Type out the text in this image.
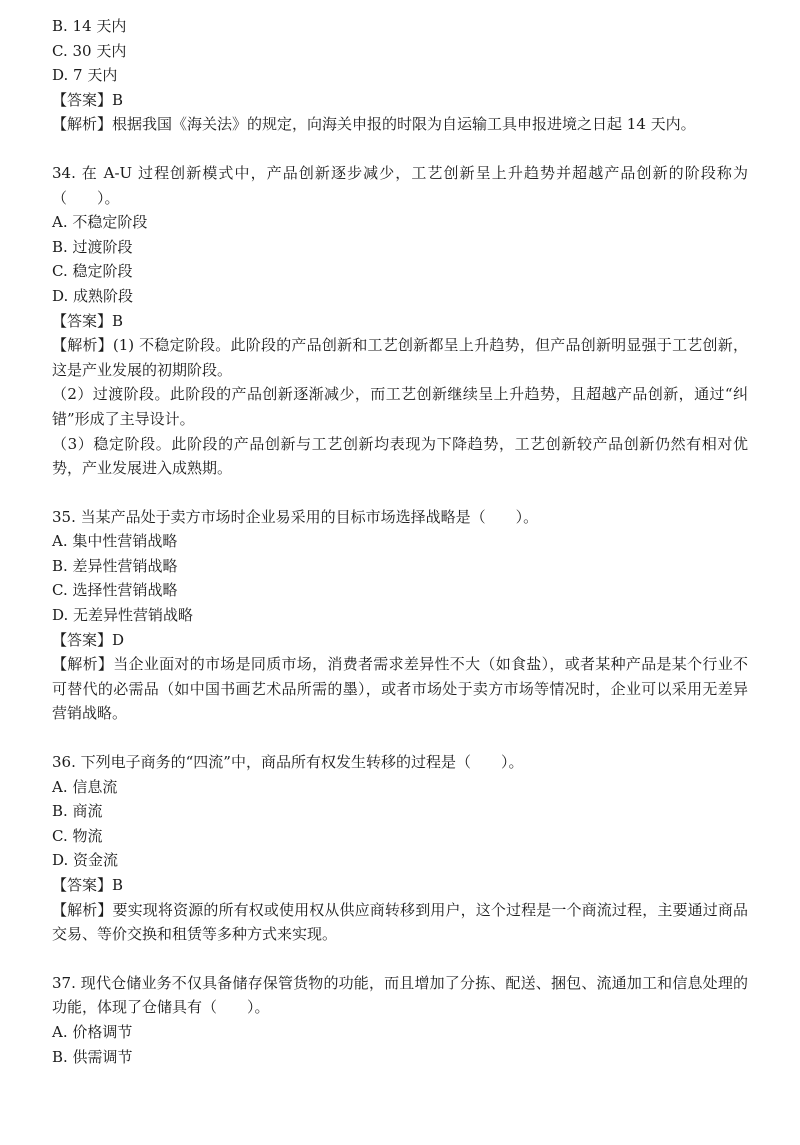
B. 14 天内
C. 30 天内
D. 7 天内
【答案】B
【解析】根据我国《海关法》的规定，向海关申报的时限为自运输工具申报进境之日起 14 天内。
34. 在 A-U 过程创新模式中，产品创新逐步减少，工艺创新呈上升趋势并超越产品创新的阶段称为（　　）。
A. 不稳定阶段
B. 过渡阶段
C. 稳定阶段
D. 成熟阶段
【答案】B
【解析】(1) 不稳定阶段。此阶段的产品创新和工艺创新都呈上升趋势，但产品创新明显强于工艺创新，这是产业发展的初期阶段。
（2）过渡阶段。此阶段的产品创新逐渐减少，而工艺创新继续呈上升趋势，且超越产品创新，通过“纠错”形成了主导设计。
（3）稳定阶段。此阶段的产品创新与工艺创新均表现为下降趋势，工艺创新较产品创新仍然有相对优势，产业发展进入成熟期。
35. 当某产品处于卖方市场时企业易采用的目标市场选择战略是（　　）。
A. 集中性营销战略
B. 差异性营销战略
C. 选择性营销战略
D. 无差异性营销战略
【答案】D
【解析】当企业面对的市场是同质市场，消费者需求差异性不大（如食盐），或者某种产品是某个行业不可替代的必需品（如中国书画艺术品所需的墨），或者市场处于卖方市场等情况时，企业可以采用无差异营销战略。
36. 下列电子商务的“四流”中，商品所有权发生转移的过程是（　　）。
A. 信息流
B. 商流
C. 物流
D. 资金流
【答案】B
【解析】要实现将资源的所有权或使用权从供应商转移到用户，这个过程是一个商流过程，主要通过商品交易、等价交换和租赁等多种方式来实现。
37. 现代仓储业务不仅具备储存保管货物的功能，而且增加了分拣、配送、捆包、流通加工和信息处理的功能，体现了仓储具有（　　）。
A. 价格调节
B. 供需调节
